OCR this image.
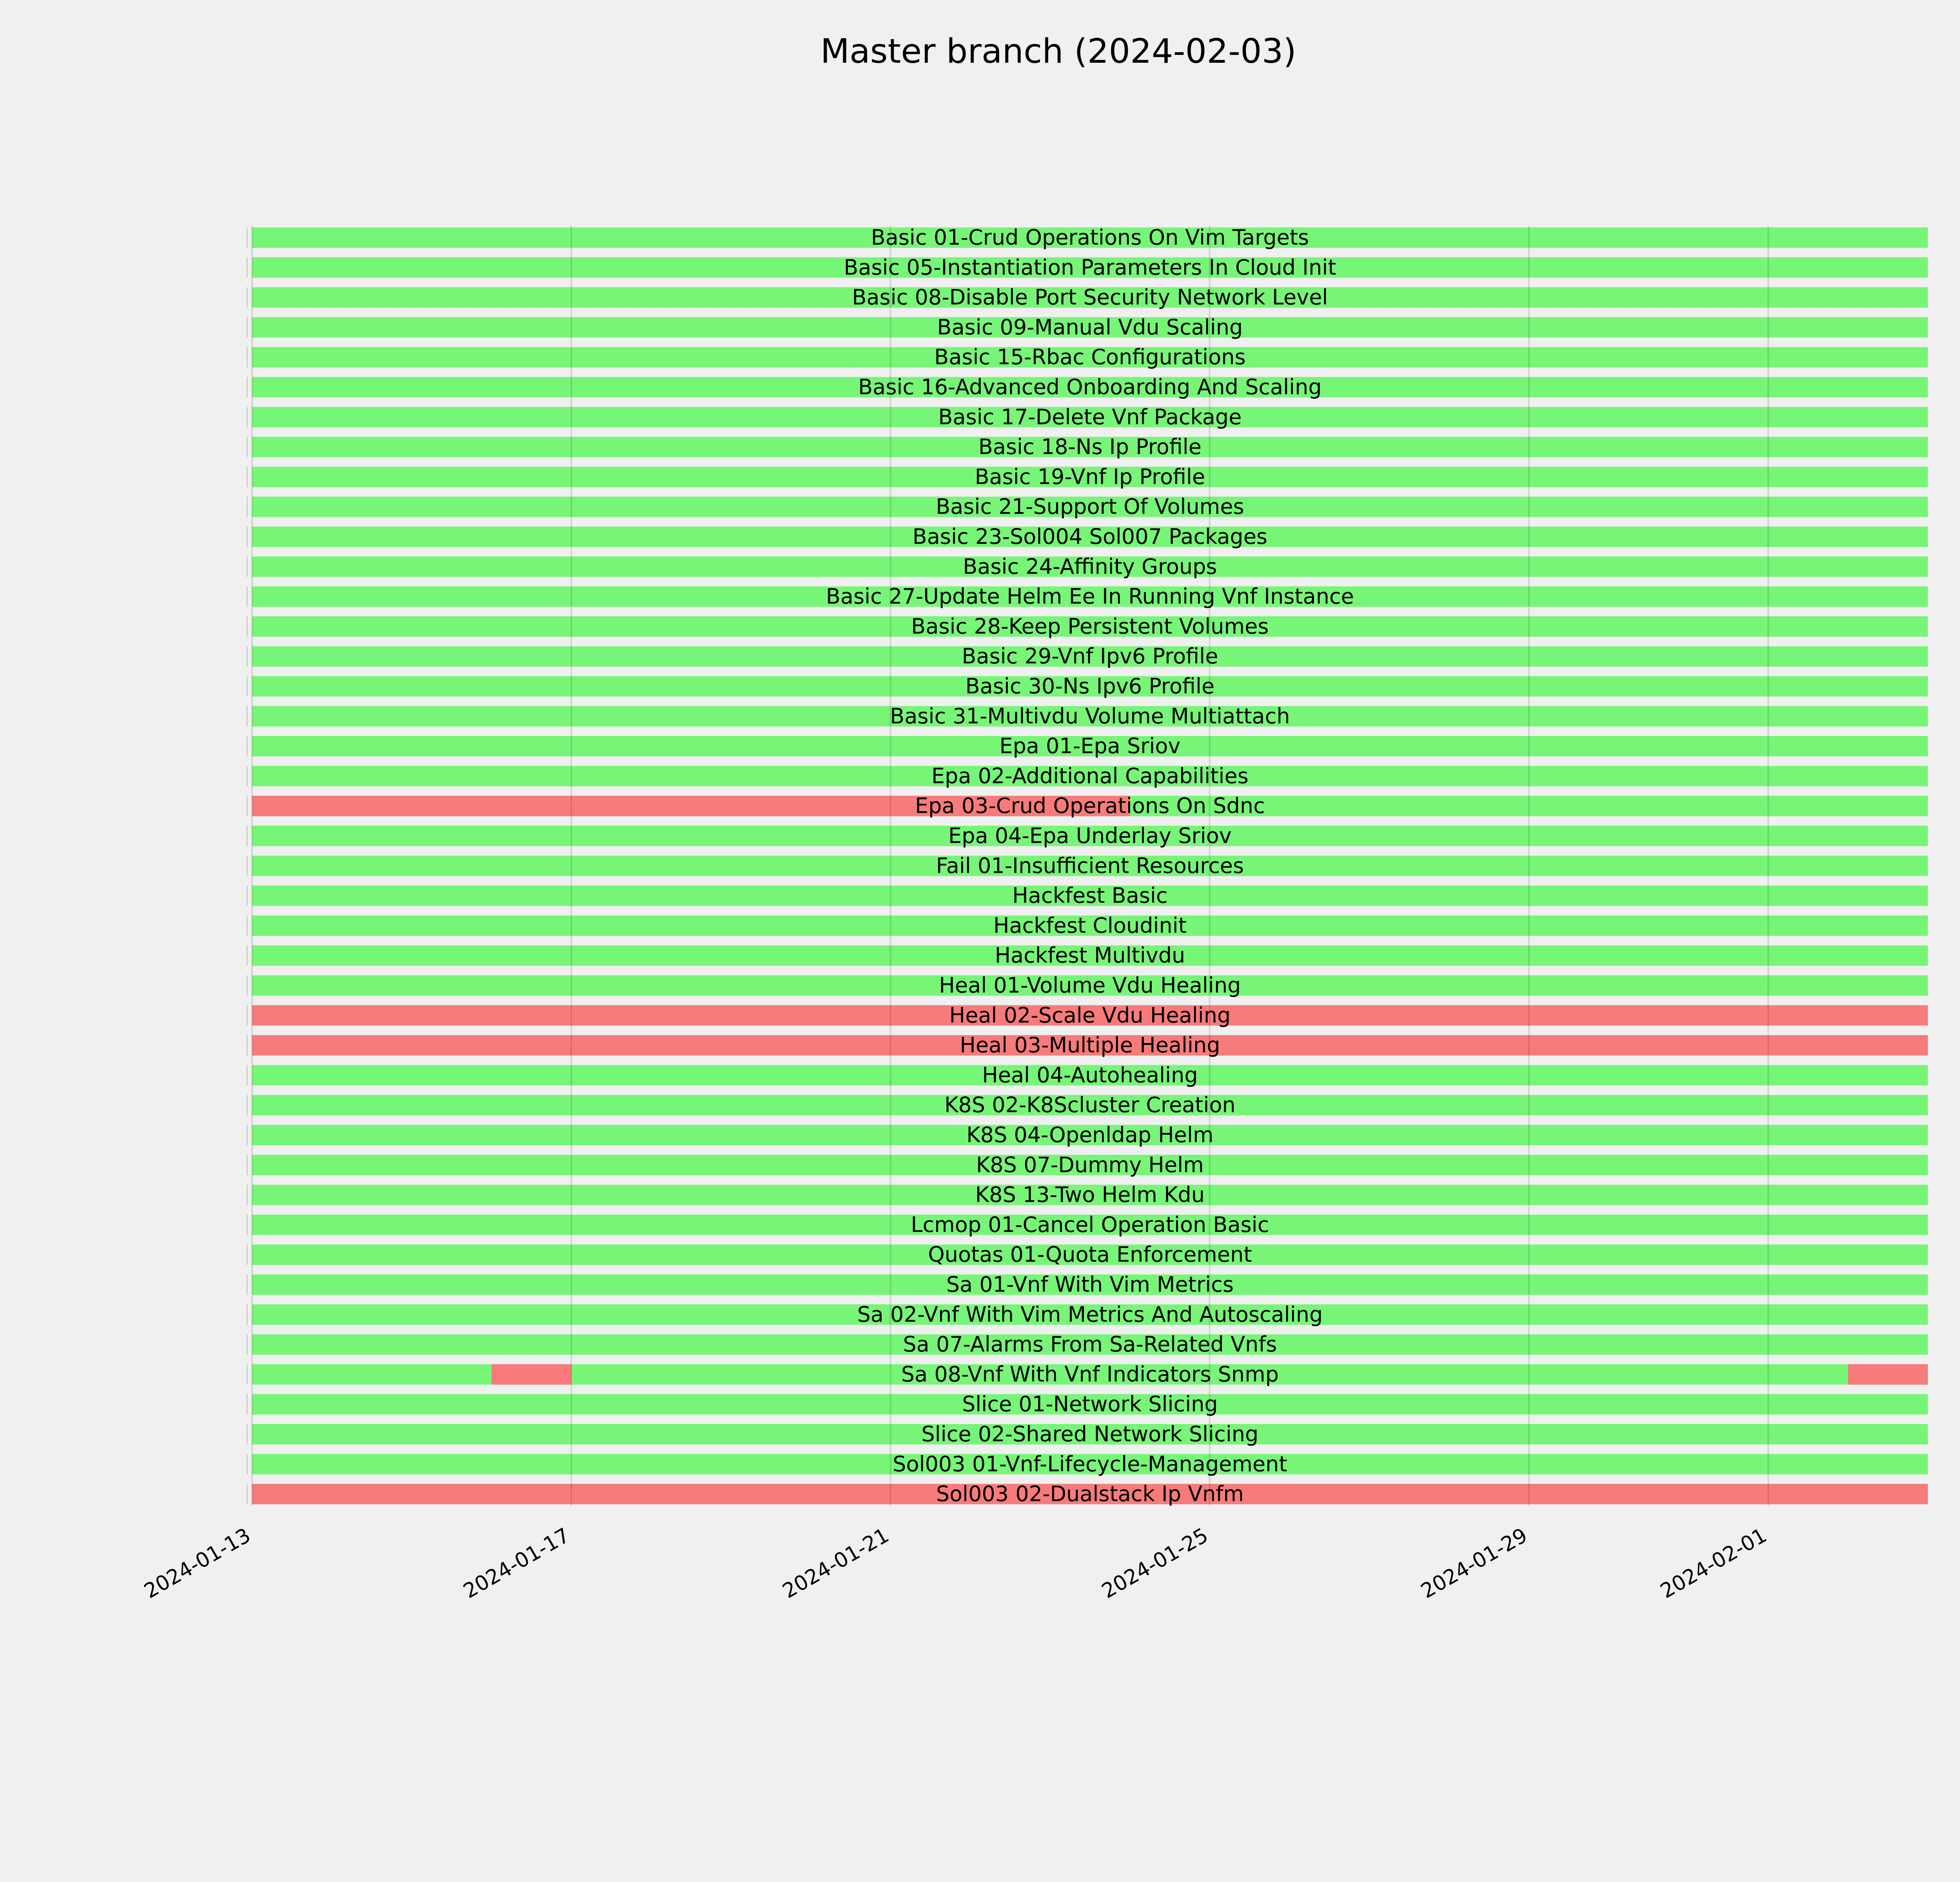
Master branch (2024-02-03)
Basic 01-Crud Operations On Vim Targets
Basic 05-Instantiation Parameters In Cloud Init
Basic 08-Disable Port Security Network Level
Basic 09-Manual Vdu Scaling
Basic 15-Rbac Configurations
Basic 16-Advanced Onboarding And Scaling
Basic 17-Delete Vnf Package
Basic 18-Ns Ip Profile
Basic 19-Vnf Ip Profile
Basic 21-Support Of Volumes
Basic 23-Sol004 Sol007 Packages
Basic 24-Affinity Groups
Basic 27-Update Helm Ee In Running Vnf Instance
Basic 28-Keep Persistent Volumes
Basic 29-Vnf Ipv6 Profile
Basic 30-Ns Ipv6 Profile
Basic 31-Multivdu Volume Multiattach
Epa 01-Epa Sriov
Epa 02-Additional Capabilities
Epa 03-Crud Operations On Sdnc
Epa 04-Epa Underlay Sriov
Fail 01-Insufficient Resources
Hackfest Basic
Hackfest Cloudinit
Hackfest Multivdu
Heal 01-Volume Vdu Healing
Heal 02-Scale Vdu Healing
Heal 03-Multiple Healing
Heal 04-Autohealing
K8S 02-K8Scluster Creation
K8S 04-Openldap Helm
K8S 07-Dummy Helm
K8S 13-Two Helm Kdu
Lcmop 01-Cancel Operation Basic
Quotas 01-Quota Enforcement
Sa 01-Vnf With Vim Metrics
Sa 02-Vnf With Vim Metrics And Autoscaling
Sa 07-Alarms From Sa-Related Vnfs
Sa 08-Vnf With Vnf Indicators Snmp
Slice 01-Network Slicing
Slice 02-Shared Network Slicing
Sol003 01-Vnf-Lifecycle-Management
Sol003 02-Dualstack Ip Vnfm
2024-01-13	2024-01-17	2024-01-21	2024-01-25	2024-01-29	2024-02-01
